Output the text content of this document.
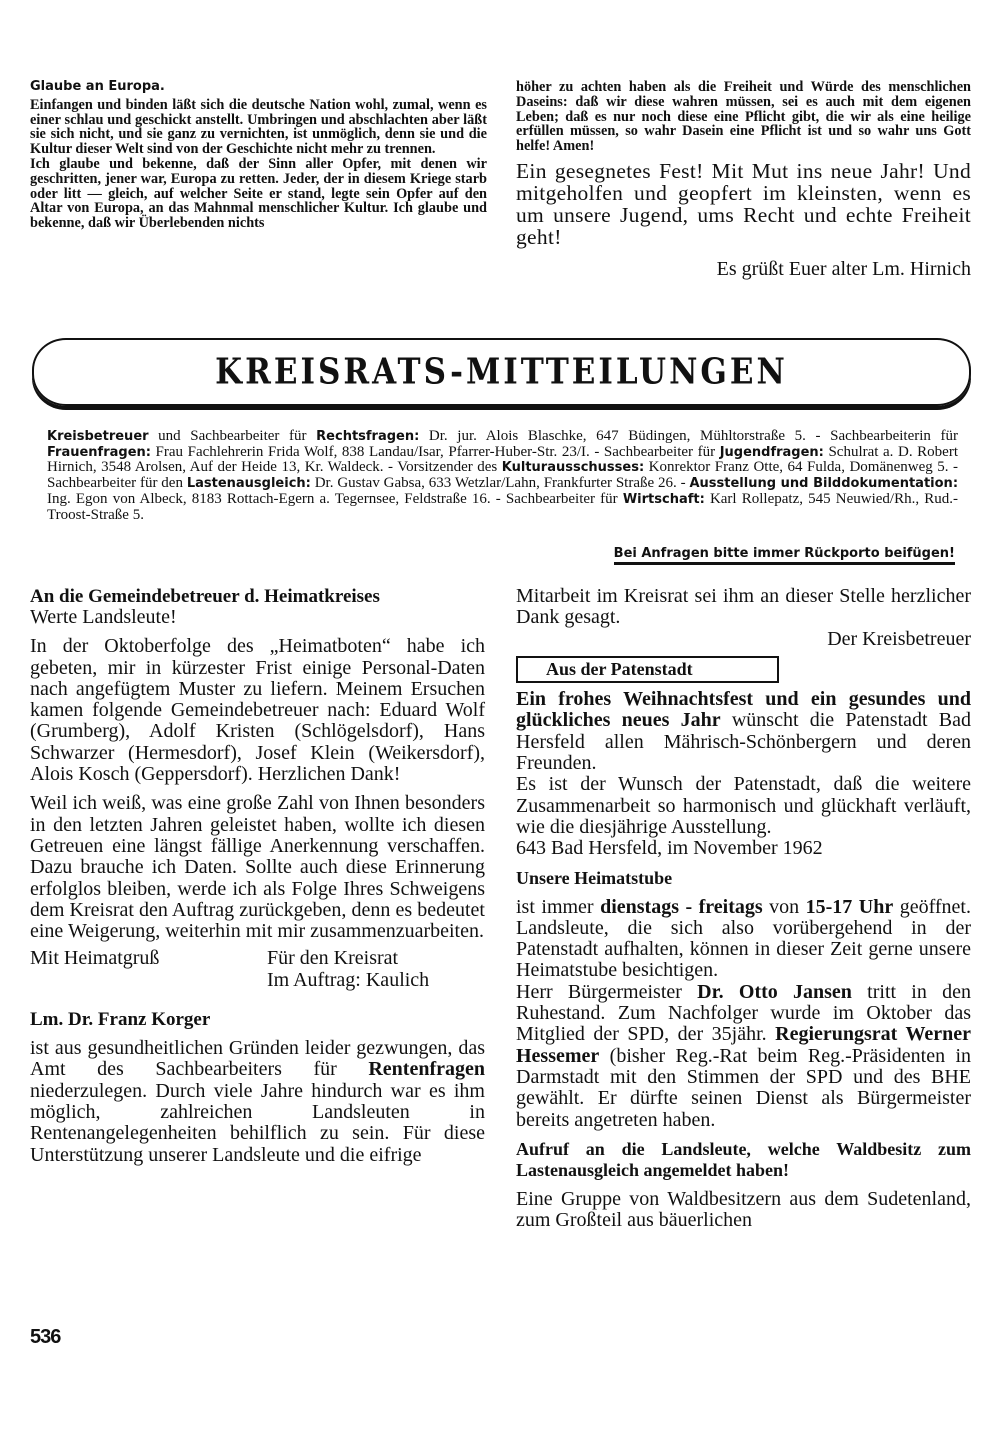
Glaube an Europa.

Einfangen und binden läßt sich die deutsche Nation wohl, zumal, wenn es einer schlau und geschickt anstellt. Umbringen und abschlachten aber läßt sie sich nicht, und sie ganz zu vernichten, ist unmöglich, denn sie und die Kultur dieser Welt sind von der Geschichte nicht mehr zu trennen.

Ich glaube und bekenne, daß der Sinn aller Opfer, mit denen wir geschritten, jener war, Europa zu retten. Jeder, der in diesem Kriege starb oder litt — gleich, auf welcher Seite er stand, legte sein Opfer auf den Altar von Europa, an das Mahnmal menschlicher Kultur. Ich glaube und bekenne, daß wir Überlebenden nichts

höher zu achten haben als die Freiheit und Würde des menschlichen Daseins: daß wir diese wahren müssen, sei es auch mit dem eigenen Leben; daß es nur noch diese eine Pflicht gibt, die wir als eine heilige erfüllen müssen, so wahr Dasein eine Pflicht ist und so wahr uns Gott helfe! Amen!

Ein gesegnetes Fest! Mit Mut ins neue Jahr! Und mitgeholfen und geopfert im kleinsten, wenn es um unsere Jugend, ums Recht und echte Freiheit geht!

Es grüßt Euer alter Lm. Hirnich

KREISRATS-MITTEILUNGEN
Kreisbetreuer und Sachbearbeiter für Rechtsfragen: Dr. jur. Alois Blaschke, 647 Büdingen, Mühltorstraße 5. - Sachbearbeiterin für Frauenfragen: Frau Fachlehrerin Frida Wolf, 838 Landau/Isar, Pfarrer-Huber-Str. 23/I. - Sachbearbeiter für Jugendfragen: Schulrat a. D. Robert Hirnich, 3548 Arolsen, Auf der Heide 13, Kr. Waldeck. - Vorsitzender des Kulturausschusses: Konrektor Franz Otte, 64 Fulda, Domänenweg 5. - Sachbearbeiter für den Lastenausgleich: Dr. Gustav Gabsa, 633 Wetzlar/Lahn, Frankfurter Straße 26. - Ausstellung und Bilddokumentation: Ing. Egon von Albeck, 8183 Rottach-Egern a. Tegernsee, Feldstraße 16. - Sachbearbeiter für Wirtschaft: Karl Rollepatz, 545 Neuwied/Rh., Rud.-Troost-Straße 5.
Bei Anfragen bitte immer Rückporto beifügen!
An die Gemeindebetreuer d. Heimatkreises

Werte Landsleute!

In der Oktoberfolge des „Heimatboten“ habe ich gebeten, mir in kürzester Frist einige Personal-Daten nach angefügtem Muster zu liefern. Meinem Ersuchen kamen folgende Gemeindebetreuer nach: Eduard Wolf (Grumberg), Adolf Kristen (Schlögelsdorf), Hans Schwarzer (Hermesdorf), Josef Klein (Weikersdorf), Alois Kosch (Geppersdorf). Herzlichen Dank!

Weil ich weiß, was eine große Zahl von Ihnen besonders in den letzten Jahren geleistet haben, wollte ich diesen Getreuen eine längst fällige Anerkennung verschaffen. Dazu brauche ich Daten. Sollte auch diese Erinnerung erfolglos bleiben, werde ich als Folge Ihres Schweigens dem Kreisrat den Auftrag zurückgeben, denn es bedeutet eine Weigerung, weiterhin mit mir zusammenzuarbeiten.

Mit Heimatgruß	Für den Kreisrat
Im Auftrag: Kaulich
Lm. Dr. Franz Korger

ist aus gesundheitlichen Gründen leider gezwungen, das Amt des Sachbearbeiters für Rentenfragen niederzulegen. Durch viele Jahre hindurch war es ihm möglich, zahlreichen Landsleuten in Rentenangelegenheiten behilflich zu sein. Für diese Unterstützung unserer Landsleute und die eifrige

Mitarbeit im Kreisrat sei ihm an dieser Stelle herzlicher Dank gesagt.

Der Kreisbetreuer

Aus der Patenstadt

Ein frohes Weihnachtsfest und ein gesundes und glückliches neues Jahr wünscht die Patenstadt Bad Hersfeld allen Mährisch-Schönbergern und deren Freunden.

Es ist der Wunsch der Patenstadt, daß die weitere Zusammenarbeit so harmonisch und glückhaft verläuft, wie die diesjährige Ausstellung.

643 Bad Hersfeld, im November 1962

Unsere Heimatstube

ist immer dienstags - freitags von 15-17 Uhr geöffnet. Landsleute, die sich also vorübergehend in der Patenstadt aufhalten, können in dieser Zeit gerne unsere Heimatstube besichtigen.

Herr Bürgermeister Dr. Otto Jansen tritt in den Ruhestand. Zum Nachfolger wurde im Oktober das Mitglied der SPD, der 35jähr. Regierungsrat Werner Hessemer (bisher Reg.-Rat beim Reg.-Präsidenten in Darmstadt mit den Stimmen der SPD und des BHE gewählt. Er dürfte seinen Dienst als Bürgermeister bereits angetreten haben.

Aufruf an die Landsleute, welche Waldbesitz zum Lastenausgleich angemeldet haben!

Eine Gruppe von Waldbesitzern aus dem Sudetenland, zum Großteil aus bäuerlichen

536
